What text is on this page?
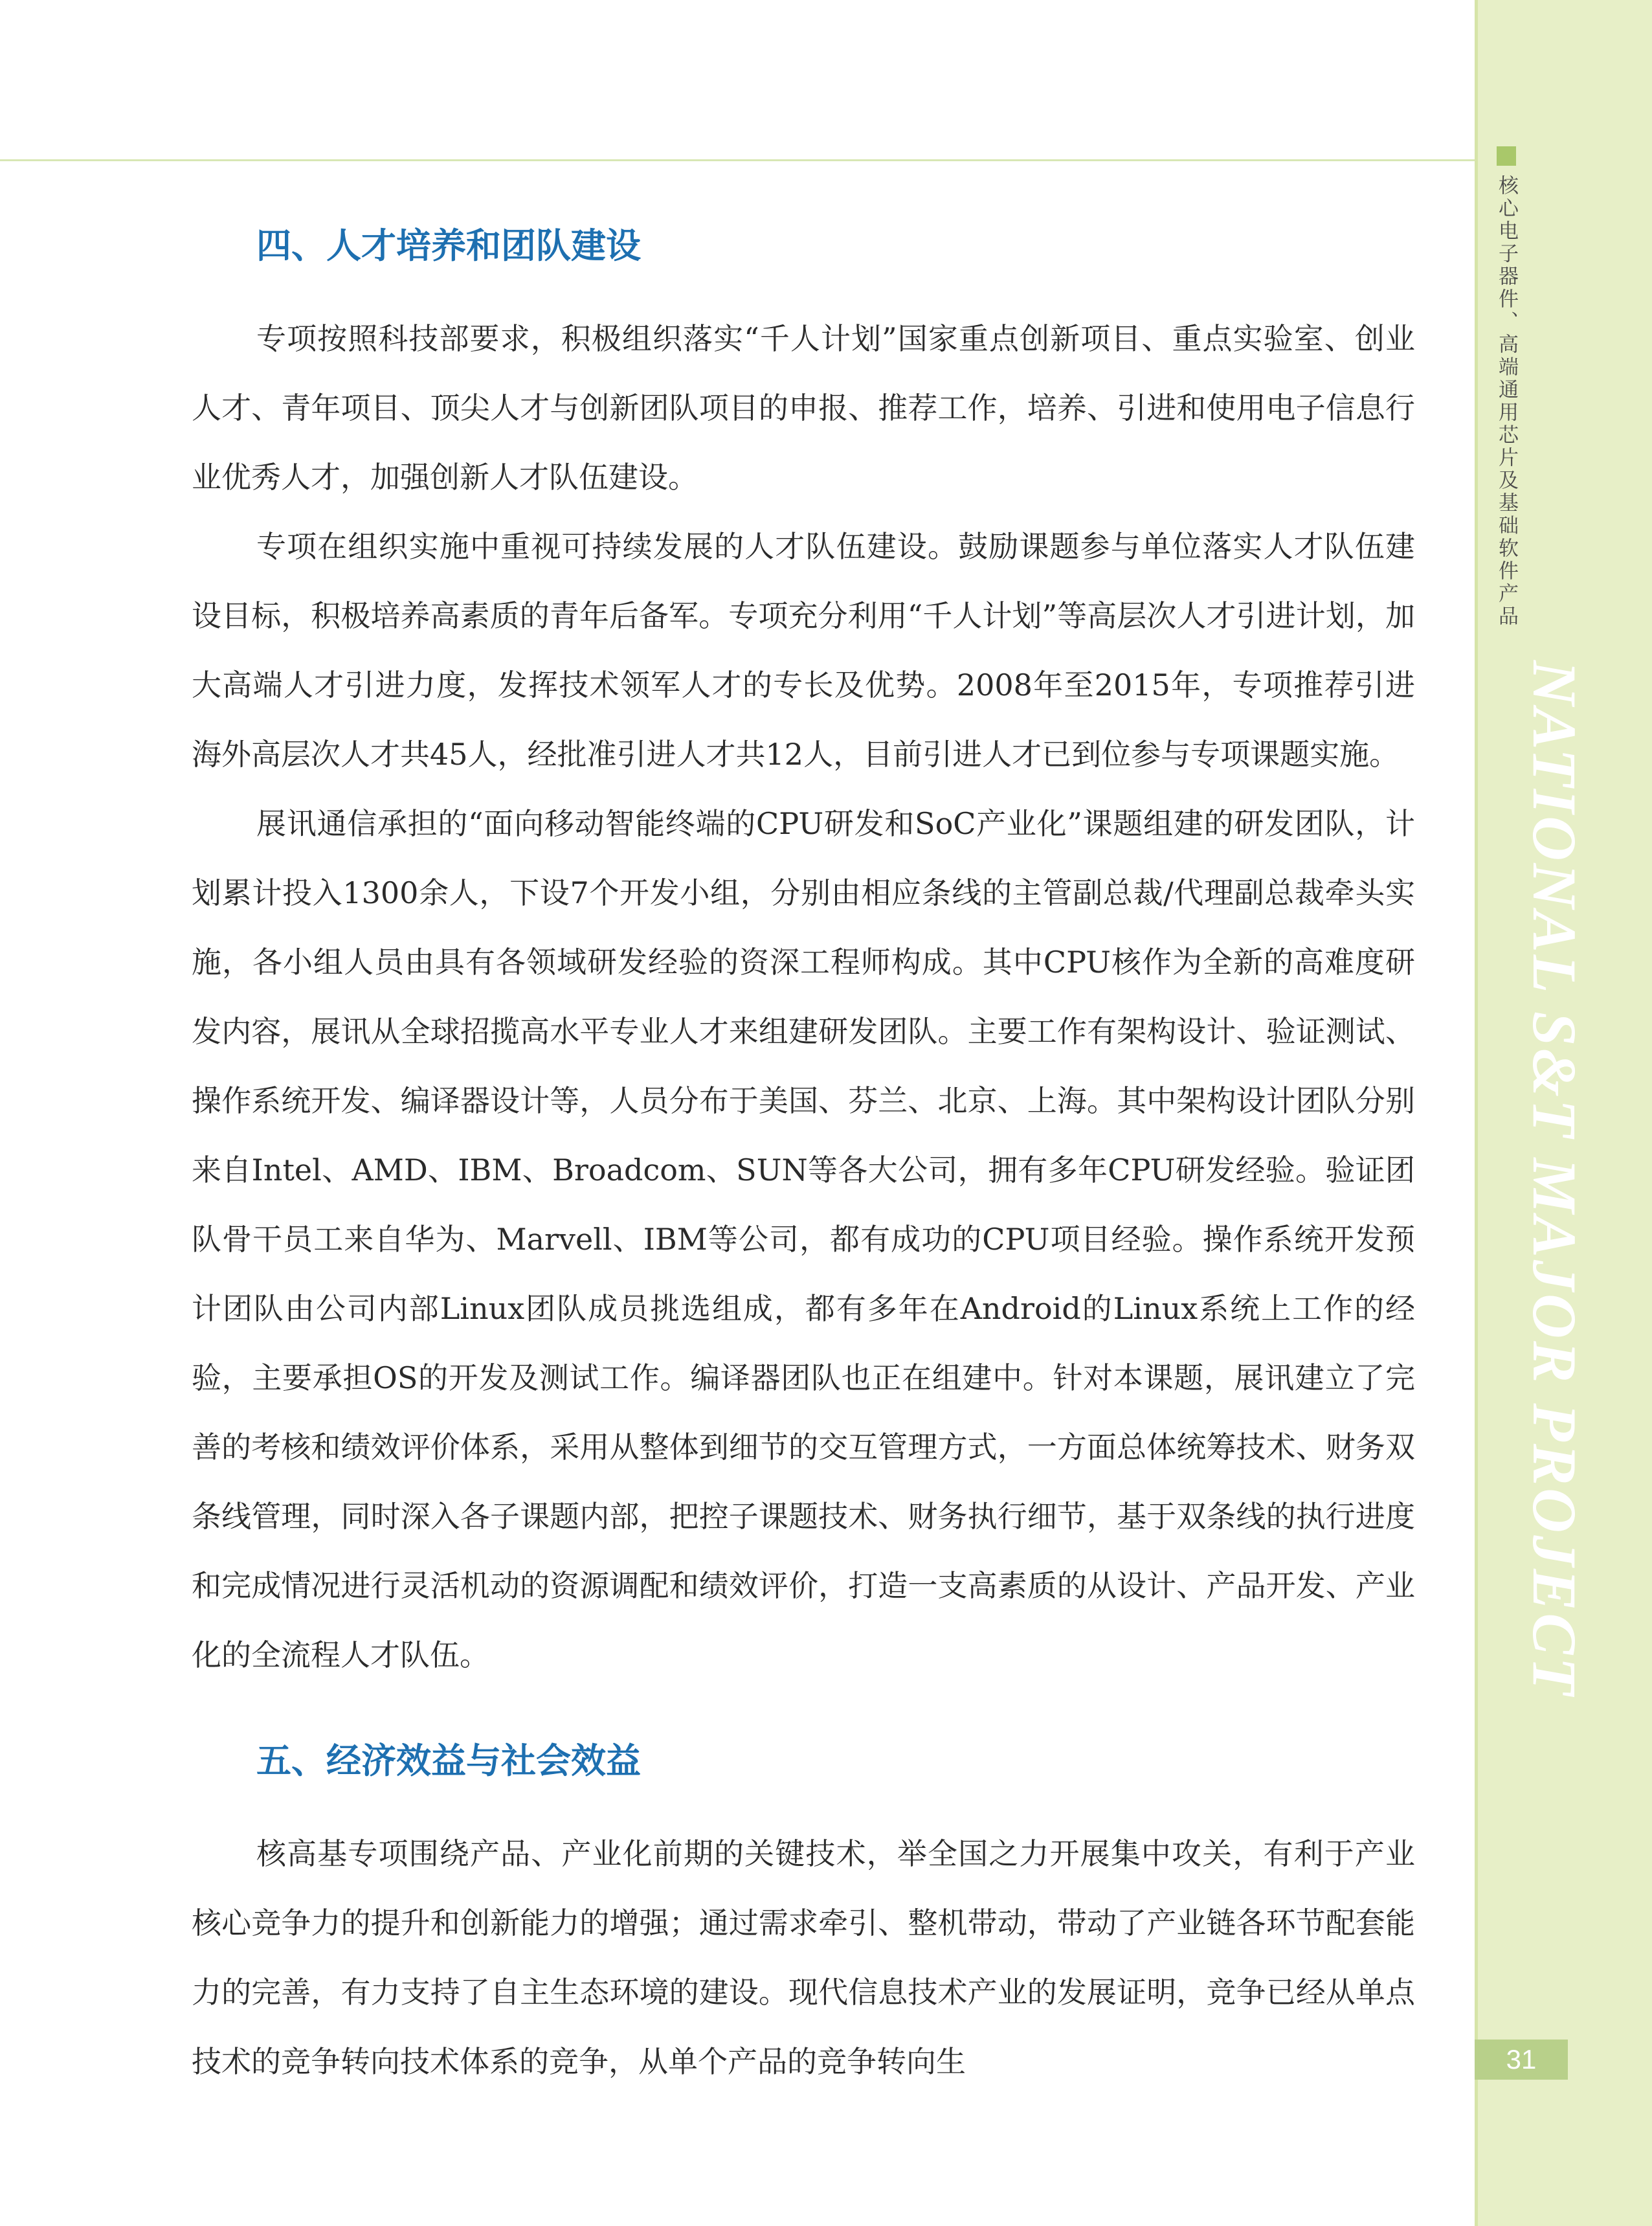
核心电子器件、高端通用芯片及基础软件产品
NATIONAL S&T MAJOR PROJECT
31
四、人才培养和团队建设

专项按照科技部要求，积极组织落实“千人计划”国家重点创新项目、重点实验室、创业人才、青年项目、顶尖人才与创新团队项目的申报、推荐工作，培养、引进和使用电子信息行业优秀人才，加强创新人才队伍建设。

专项在组织实施中重视可持续发展的人才队伍建设。鼓励课题参与单位落实人才队伍建设目标，积极培养高素质的青年后备军。专项充分利用“千人计划”等高层次人才引进计划，加大高端人才引进力度，发挥技术领军人才的专长及优势。2008年至2015年，专项推荐引进海外高层次人才共45人，经批准引进人才共12人，目前引进人才已到位参与专项课题实施。

展讯通信承担的“面向移动智能终端的CPU研发和SoC产业化”课题组建的研发团队，计划累计投入1300余人，下设7个开发小组，分别由相应条线的主管副总裁/代理副总裁牵头实施，各小组人员由具有各领域研发经验的资深工程师构成。其中CPU核作为全新的高难度研发内容，展讯从全球招揽高水平专业人才来组建研发团队。主要工作有架构设计、验证测试、操作系统开发、编译器设计等，人员分布于美国、芬兰、北京、上海。其中架构设计团队分别来自Intel、AMD、IBM、Broadcom、SUN等各大公司，拥有多年CPU研发经验。验证团队骨干员工来自华为、Marvell、IBM等公司，都有成功的CPU项目经验。操作系统开发预计团队由公司内部Linux团队成员挑选组成，都有多年在Android的Linux系统上工作的经验，主要承担OS的开发及测试工作。编译器团队也正在组建中。针对本课题，展讯建立了完善的考核和绩效评价体系，采用从整体到细节的交互管理方式，一方面总体统筹技术、财务双条线管理，同时深入各子课题内部，把控子课题技术、财务执行细节，基于双条线的执行进度和完成情况进行灵活机动的资源调配和绩效评价，打造一支高素质的从设计、产品开发、产业化的全流程人才队伍。

五、经济效益与社会效益

核高基专项围绕产品、产业化前期的关键技术，举全国之力开展集中攻关，有利于产业核心竞争力的提升和创新能力的增强；通过需求牵引、整机带动，带动了产业链各环节配套能力的完善，有力支持了自主生态环境的建设。现代信息技术产业的发展证明，竞争已经从单点技术的竞争转向技术体系的竞争，从单个产品的竞争转向生
